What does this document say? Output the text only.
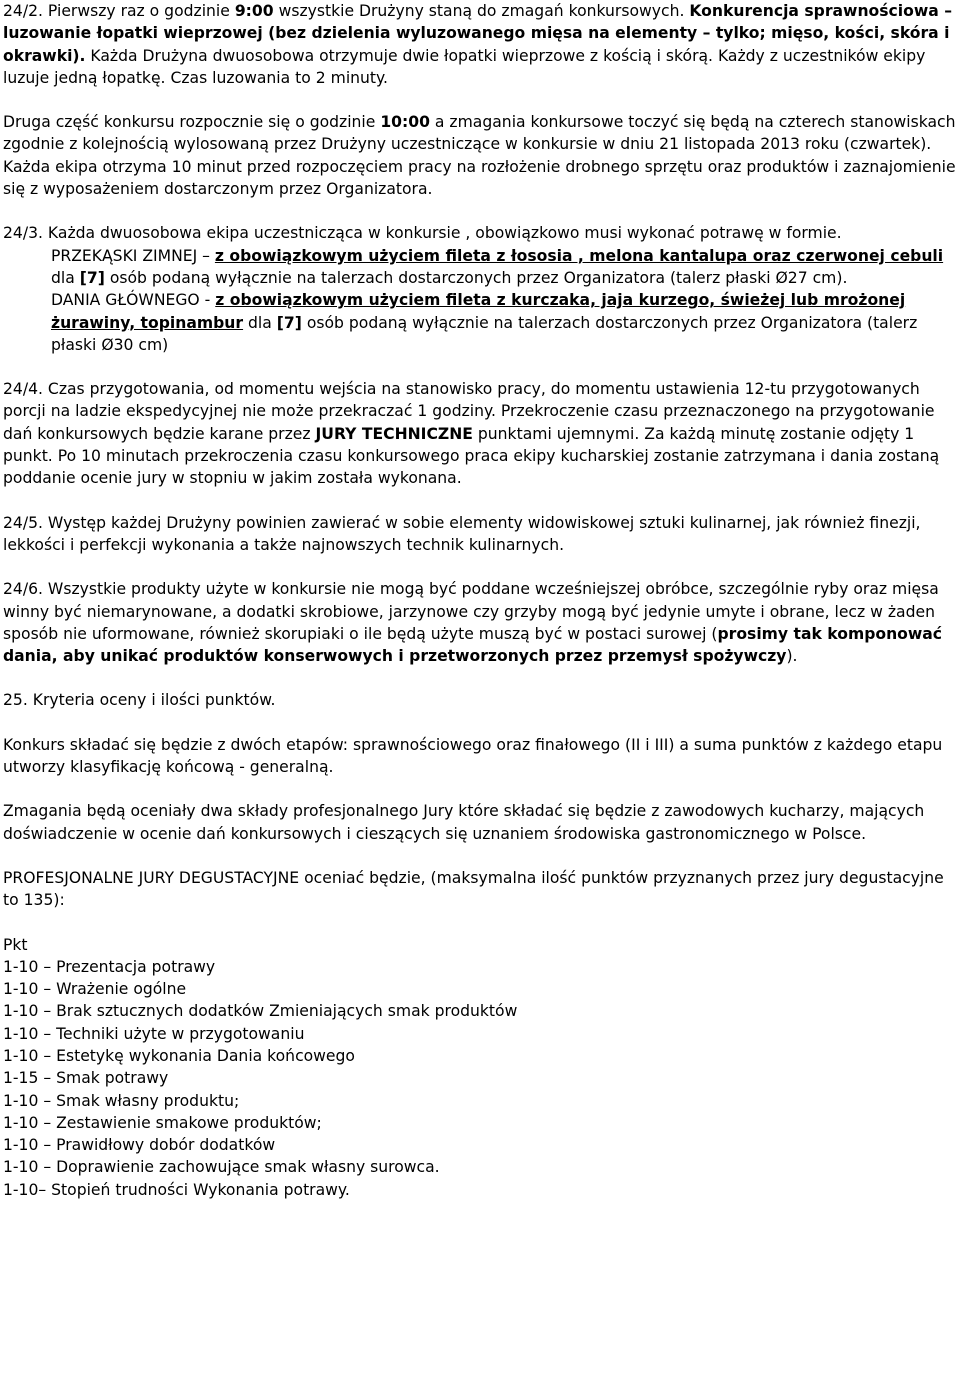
24/2. Pierwszy raz o godzinie 9:00 wszystkie Drużyny staną do zmagań konkursowych. Konkurencja sprawnościowa – luzowanie łopatki wieprzowej (bez dzielenia wyluzowanego mięsa na elementy – tylko; mięso, kości, skóra i okrawki). Każda Drużyna dwuosobowa otrzymuje dwie łopatki wieprzowe z kością i skórą. Każdy z uczestników ekipy luzuje jedną łopatkę. Czas luzowania to 2 minuty.

Druga część konkursu rozpocznie się o godzinie 10:00 a zmagania konkursowe toczyć się będą na czterech stanowiskach zgodnie z kolejnością wylosowaną przez Drużyny uczestniczące w konkursie w dniu 21 listopada 2013 roku (czwartek). Każda ekipa otrzyma 10 minut przed rozpoczęciem pracy na rozłożenie drobnego sprzętu oraz produktów i zaznajomienie się z wyposażeniem dostarczonym przez Organizatora.

24/3. Każda dwuosobowa ekipa uczestnicząca w konkursie , obowiązkowo musi wykonać potrawę w formie.

PRZEKĄSKI ZIMNEJ – z obowiązkowym użyciem fileta z łososia , melona kantalupa oraz czerwonej cebuli dla [7] osób podaną wyłącznie na talerzach dostarczonych przez Organizatora (talerz płaski Ø27 cm).

DANIA GŁÓWNEGO - z obowiązkowym użyciem fileta z kurczaka, jaja kurzego, świeżej lub mrożonej żurawiny, topinambur dla [7] osób podaną wyłącznie na talerzach dostarczonych przez Organizatora (talerz płaski Ø30 cm)

24/4. Czas przygotowania, od momentu wejścia na stanowisko pracy, do momentu ustawienia 12-tu przygotowanych porcji na ladzie ekspedycyjnej nie może przekraczać 1 godziny. Przekroczenie czasu przeznaczonego na przygotowanie dań konkursowych będzie karane przez JURY TECHNICZNE punktami ujemnymi. Za każdą minutę zostanie odjęty 1 punkt. Po 10 minutach przekroczenia czasu konkursowego praca ekipy kucharskiej zostanie zatrzymana i dania zostaną poddanie ocenie jury w stopniu w jakim została wykonana.

24/5. Występ każdej Drużyny powinien zawierać w sobie elementy widowiskowej sztuki kulinarnej, jak również finezji, lekkości i perfekcji wykonania a także najnowszych technik kulinarnych.

24/6. Wszystkie produkty użyte w konkursie nie mogą być poddane wcześniejszej obróbce, szczególnie ryby oraz mięsa winny być niemarynowane, a dodatki skrobiowe, jarzynowe czy grzyby mogą być jedynie umyte i obrane, lecz w żaden sposób nie uformowane, również skorupiaki o ile będą użyte muszą być w postaci surowej (prosimy tak komponować dania, aby unikać produktów konserwowych i przetworzonych przez przemysł spożywczy).

25. Kryteria oceny i ilości punktów.

Konkurs składać się będzie z dwóch etapów: sprawnościowego oraz finałowego (II i III) a suma punktów z każdego etapu utworzy klasyfikację końcową - generalną.

Zmagania będą oceniały dwa składy profesjonalnego Jury które składać się będzie z zawodowych kucharzy, mających doświadczenie w ocenie dań konkursowych i cieszących się uznaniem środowiska gastronomicznego w Polsce.

PROFESJONALNE JURY DEGUSTACYJNE oceniać będzie, (maksymalna ilość punktów przyznanych przez jury degustacyjne to 135):

Pkt

1-10 – Prezentacja potrawy
1-10 – Wrażenie ogólne
1-10 – Brak sztucznych dodatków Zmieniających smak produktów
1-10 – Techniki użyte w przygotowaniu
1-10 – Estetykę wykonania Dania końcowego
1-15 – Smak potrawy
1-10 – Smak własny produktu;
1-10 – Zestawienie smakowe produktów;
1-10 – Prawidłowy dobór dodatków
1-10 – Doprawienie zachowujące smak własny surowca.
1-10– Stopień trudności Wykonania potrawy.
